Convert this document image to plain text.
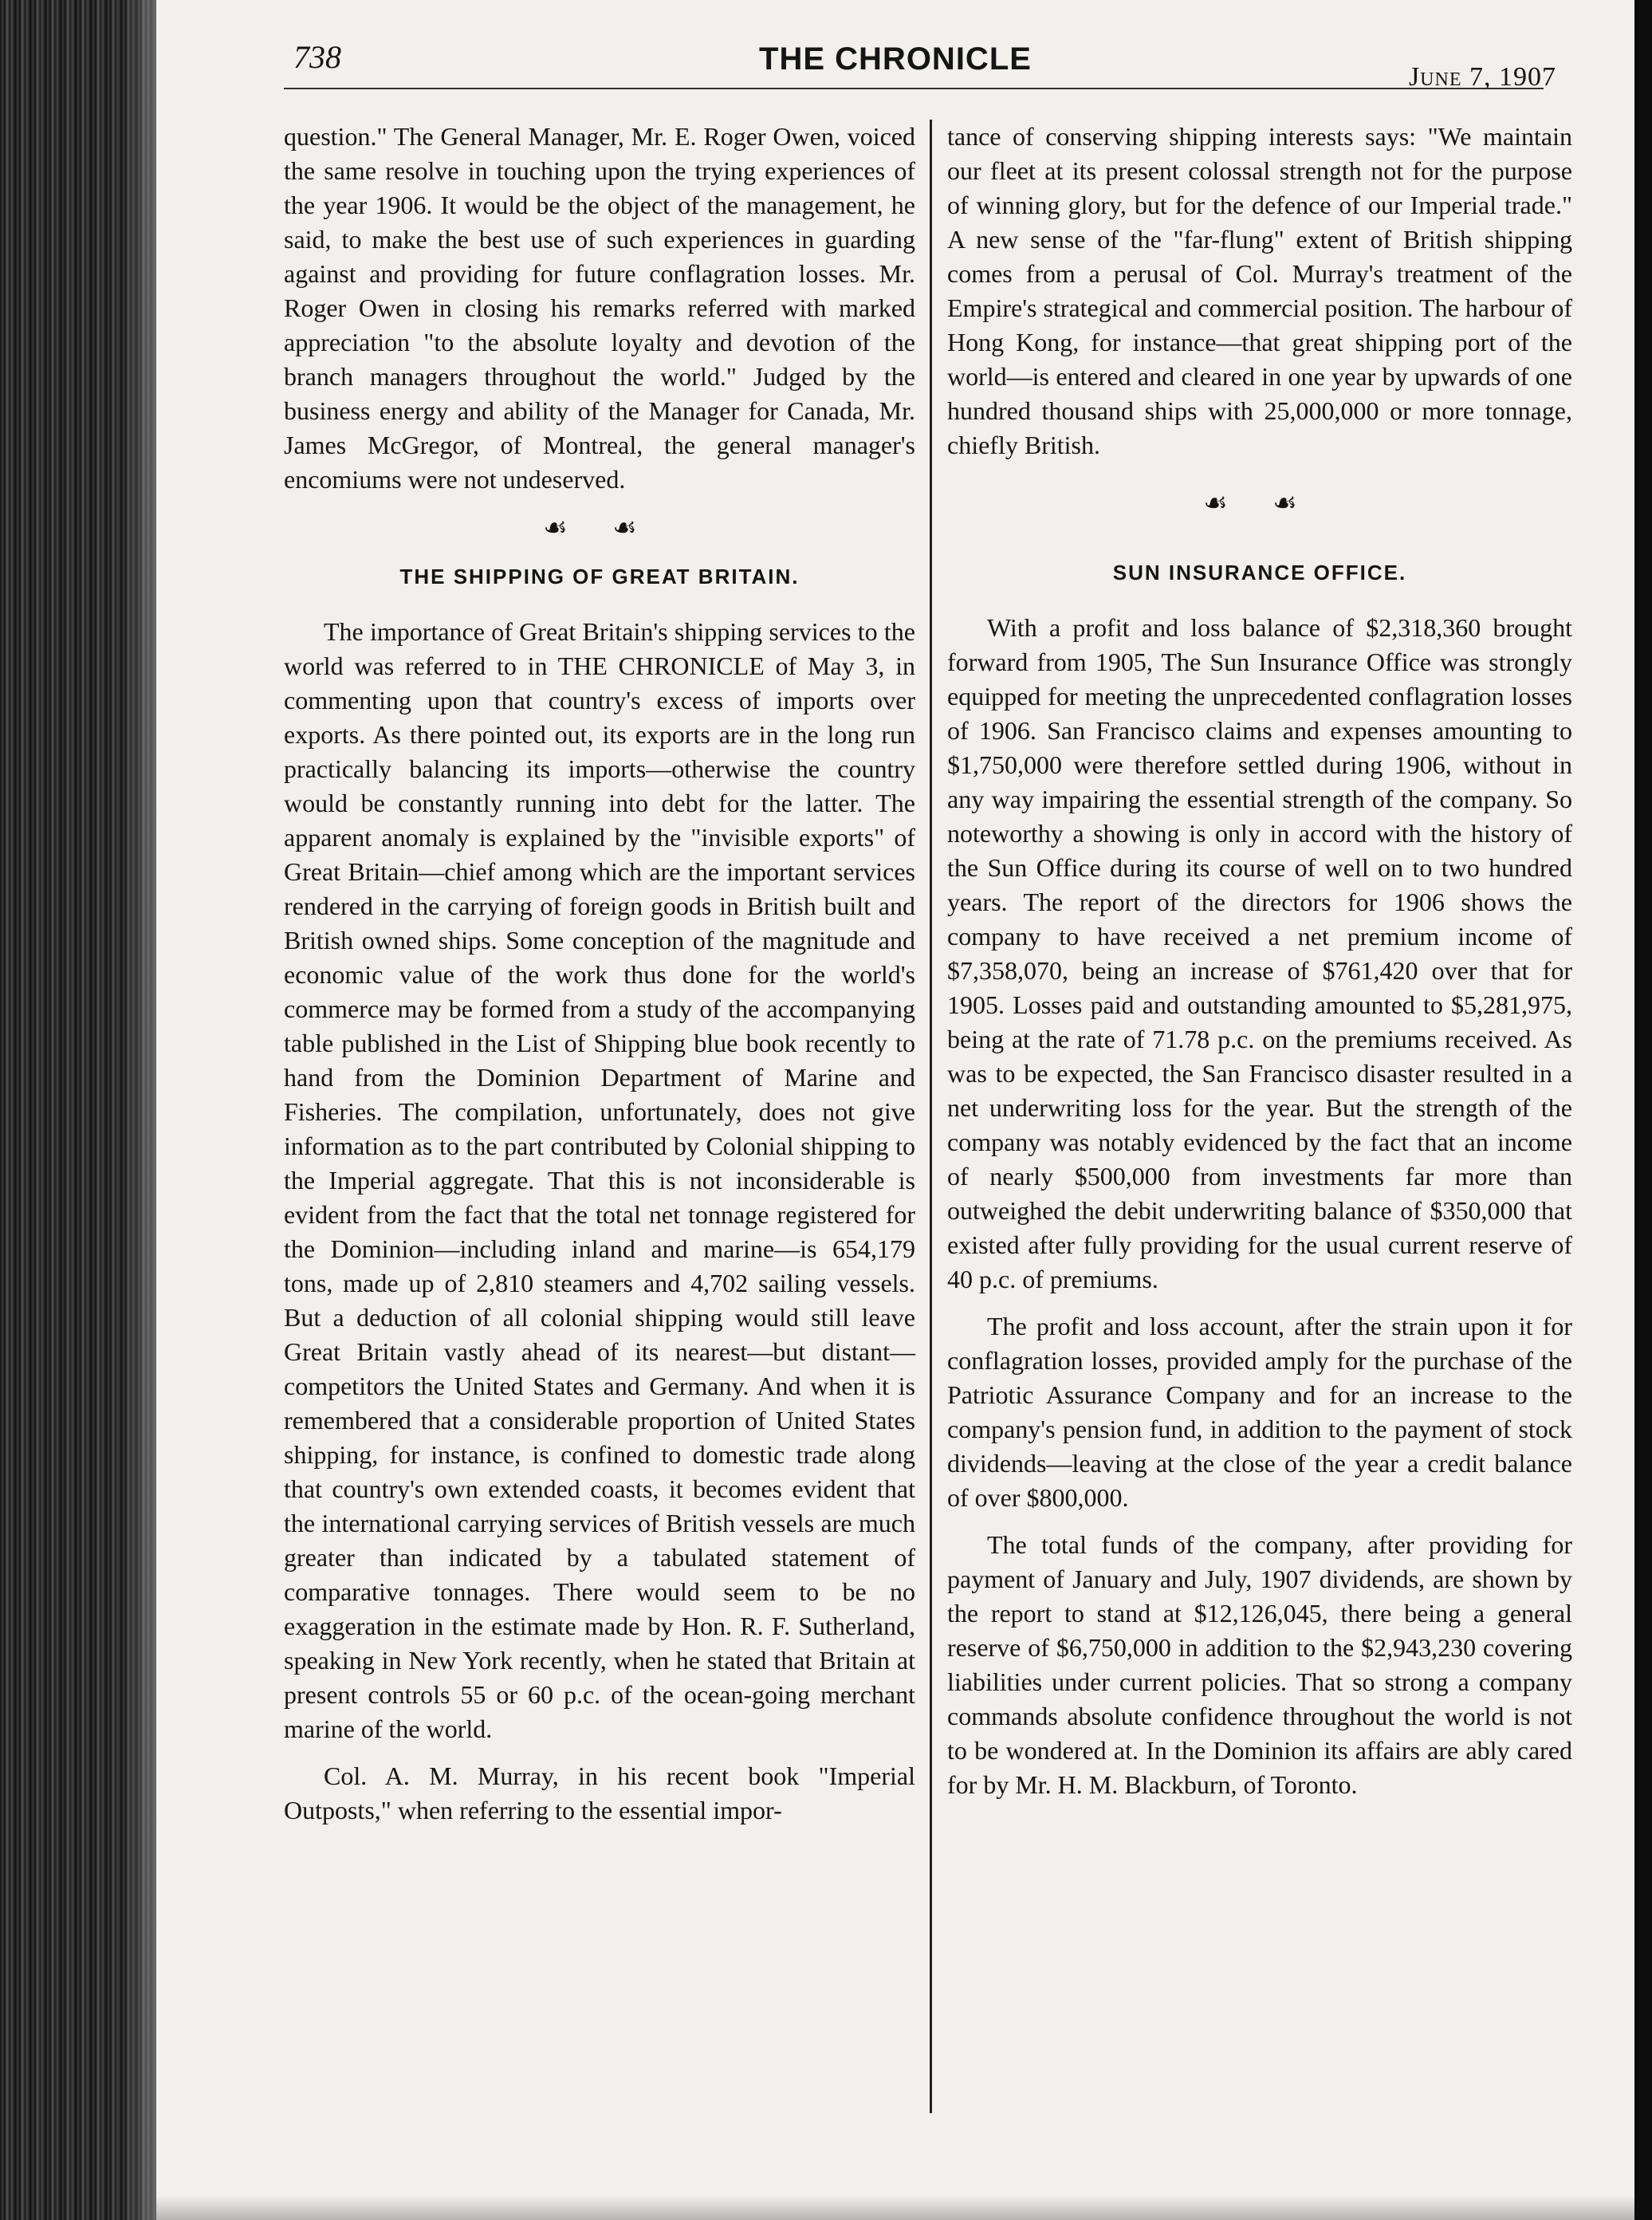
738	THE CHRONICLE
June 7, 1907

question." The General Manager, Mr. E. Roger Owen, voiced the same resolve in touching upon the trying experiences of the year 1906. It would be the object of the management, he said, to make the best use of such experiences in guarding against and providing for future conflagration losses. Mr. Roger Owen in closing his remarks referred with marked appreciation "to the absolute loyalty and devotion of the branch managers throughout the world." Judged by the business energy and ability of the Manager for Canada, Mr. James McGregor, of Montreal, the general manager's encomiums were not undeserved.

☙ ☙
THE SHIPPING OF GREAT BRITAIN.

The importance of Great Britain's shipping services to the world was referred to in THE CHRONICLE of May 3, in commenting upon that country's excess of imports over exports. As there pointed out, its exports are in the long run practically balancing its imports—otherwise the country would be constantly running into debt for the latter. The apparent anomaly is explained by the "invisible exports" of Great Britain—chief among which are the important services rendered in the carrying of foreign goods in British built and British owned ships. Some conception of the magnitude and economic value of the work thus done for the world's commerce may be formed from a study of the accompanying table published in the List of Shipping blue book recently to hand from the Dominion Department of Marine and Fisheries. The compilation, unfortunately, does not give information as to the part contributed by Colonial shipping to the Imperial aggregate. That this is not inconsiderable is evident from the fact that the total net tonnage registered for the Dominion—including inland and marine—is 654,179 tons, made up of 2,810 steamers and 4,702 sailing vessels. But a deduction of all colonial shipping would still leave Great Britain vastly ahead of its nearest—but distant—competitors the United States and Germany. And when it is remembered that a considerable proportion of United States shipping, for instance, is confined to domestic trade along that country's own extended coasts, it becomes evident that the international carrying services of British vessels are much greater than indicated by a tabulated statement of comparative tonnages. There would seem to be no exaggeration in the estimate made by Hon. R. F. Sutherland, speaking in New York recently, when he stated that Britain at present controls 55 or 60 p.c. of the ocean-going merchant marine of the world.

Col. A. M. Murray, in his recent book "Imperial Outposts," when referring to the essential impor-

tance of conserving shipping interests says: "We maintain our fleet at its present colossal strength not for the purpose of winning glory, but for the defence of our Imperial trade." A new sense of the "far-flung" extent of British shipping comes from a perusal of Col. Murray's treatment of the Empire's strategical and commercial position. The harbour of Hong Kong, for instance—that great shipping port of the world—is entered and cleared in one year by upwards of one hundred thousand ships with 25,000,000 or more tonnage, chiefly British.

☙ ☙
SUN INSURANCE OFFICE.

With a profit and loss balance of $2,318,360 brought forward from 1905, The Sun Insurance Office was strongly equipped for meeting the unprecedented conflagration losses of 1906. San Francisco claims and expenses amounting to $1,750,000 were therefore settled during 1906, without in any way impairing the essential strength of the company. So noteworthy a showing is only in accord with the history of the Sun Office during its course of well on to two hundred years. The report of the directors for 1906 shows the company to have received a net premium income of $7,358,070, being an increase of $761,420 over that for 1905. Losses paid and outstanding amounted to $5,281,975, being at the rate of 71.78 p.c. on the premiums received. As was to be expected, the San Francisco disaster resulted in a net underwriting loss for the year. But the strength of the company was notably evidenced by the fact that an income of nearly $500,000 from investments far more than outweighed the debit underwriting balance of $350,000 that existed after fully providing for the usual current reserve of 40 p.c. of premiums.

The profit and loss account, after the strain upon it for conflagration losses, provided amply for the purchase of the Patriotic Assurance Company and for an increase to the company's pension fund, in addition to the payment of stock dividends—leaving at the close of the year a credit balance of over $800,000.

The total funds of the company, after providing for payment of January and July, 1907 dividends, are shown by the report to stand at $12,126,045, there being a general reserve of $6,750,000 in addition to the $2,943,230 covering liabilities under current policies. That so strong a company commands absolute confidence throughout the world is not to be wondered at. In the Dominion its affairs are ably cared for by Mr. H. M. Blackburn, of Toronto.
